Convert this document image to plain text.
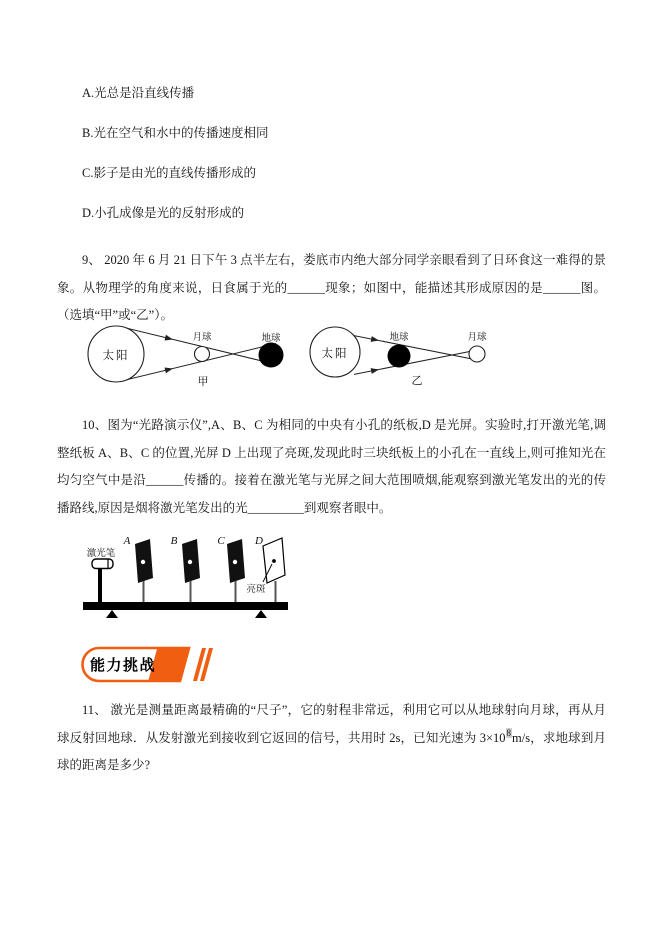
A.光总是沿直线传播

B.光在空气和水中的传播速度相同

C.影子是由光的直线传播形成的

D.小孔成像是光的反射形成的

9、 2020 年 6 月 21 日下午 3 点半左右，娄底市内绝大部分同学亲眼看到了日环食这一难得的景象。从物理学的角度来说，日食属于光的______现象；如图中，能描述其形成原因的是______图。（选填“甲”或“乙”）。

太阳
月球	地球
甲
太阳
地球	月球
乙

10、图为“光路演示仪”,A、B、C 为相同的中央有小孔的纸板,D 是光屏。实验时,打开激光笔,调整纸板 A、B、C 的位置,光屏 D 上出现了亮斑,发现此时三块纸板上的小孔在一直线上,则可推知光在均匀空气中是沿______传播的。接着在激光笔与光屏之间大范围喷烟,能观察到激光笔发出的光的传播路线,原因是烟将激光笔发出的光_________到观察者眼中。

激光笔
A	B	C	D
亮斑
能力挑战

11、 激光是测量距离最精确的“尺子”，它的射程非常远，利用它可以从地球射向月球，再从月球反射回地球．从发射激光到接收到它返回的信号，共用时 2s，已知光速为 $3\times 10^8m/s$，求地球到月球的距离是多少?
